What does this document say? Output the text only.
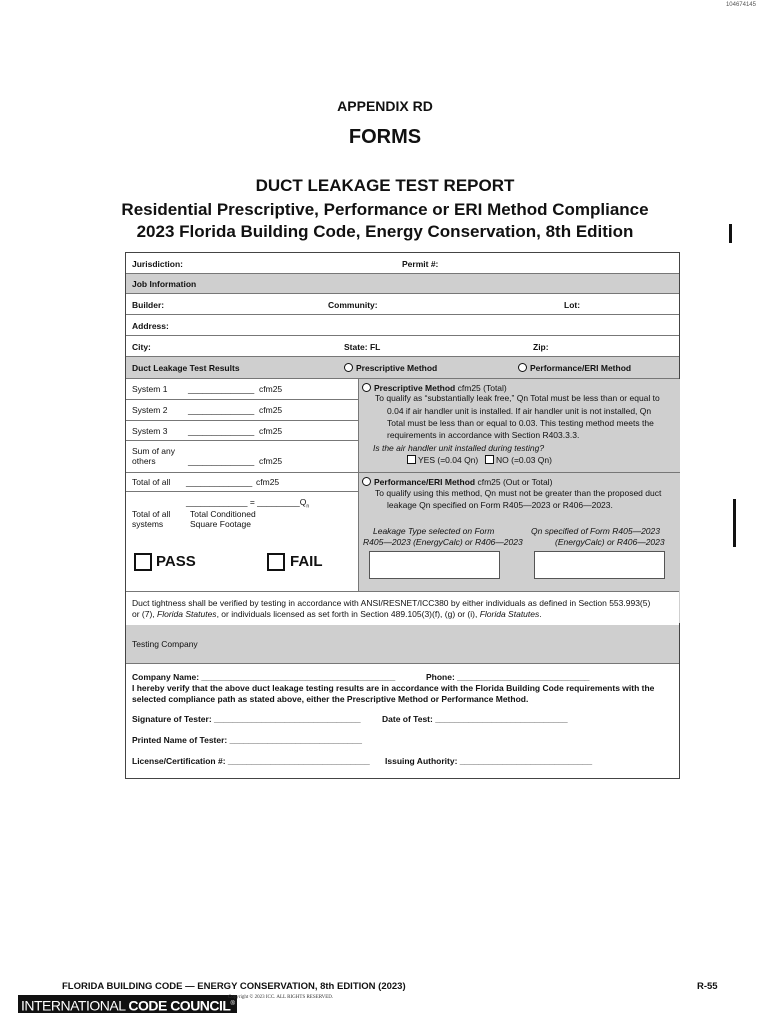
104674145
APPENDIX RD
FORMS
DUCT LEAKAGE TEST REPORT
Residential Prescriptive, Performance or ERI Method Compliance
2023 Florida Building Code, Energy Conservation, 8th Edition
Jurisdiction:	Permit #:
Job Information
Builder:	Community:	Lot:
Address:
City:	State: FL	Zip:
Duct Leakage Test Results	Prescriptive Method	Performance/ERI Method
System 1 ______________ cfm25
System 2 ______________ cfm25
System 3 ______________ cfm25
Sum of any
others	______________ cfm25
Total of all ______________ cfm25
_____________ = $\_\_\_\_\_\_\_\_\_Q_n$
Total of all
systems
Total Conditioned
Square Footage
PASS	FAIL
Prescriptive Method cfm25 (Total)
To qualify as “substantially leak free,” Qn Total must be less than or equal to
0.04 if air handler unit is installed. If air handler unit is not installed, Qn
Total must be less than or equal to 0.03. This testing method meets the
requirements in accordance with Section R403.3.3.
Is the air handler unit installed during testing?
YES (=0.04 Qn)	NO (=0.03 Qn)
Performance/ERI Method cfm25 (Out or Total)
To qualify using this method, Qn must not be greater than the proposed duct
leakage Qn specified on Form R405—2023 or R406—2023.
Leakage Type selected on Form
R405—2023 (EnergyCalc) or R406—2023
Qn specified of Form R405—2023
(EnergyCalc) or R406—2023
Duct tightness shall be verified by testing in accordance with ANSI/RESNET/ICC380 by either individuals as defined in Section 553.993(5)
or (7), Florida Statutes, or individuals licensed as set forth in Section 489.105(3)(f), (g) or (i), Florida Statutes.
Testing Company
Company Name: _________________________________________	Phone: ____________________________
I hereby verify that the above duct leakage testing results are in accordance with the Florida Building Code requirements with the
selected compliance path as stated above, either the Prescriptive Method or Performance Method.
Signature of Tester: _______________________________	Date of Test: ____________________________
Printed Name of Tester: ____________________________
License/Certification #: ______________________________ Issuing Authority: ____________________________
FLORIDA BUILDING CODE — ENERGY CONSERVATION, 8th EDITION (2023)	R-55
INTERNATIONAL CODE COUNCIL®
Copyright © 2023 ICC. ALL RIGHTS RESERVED.
